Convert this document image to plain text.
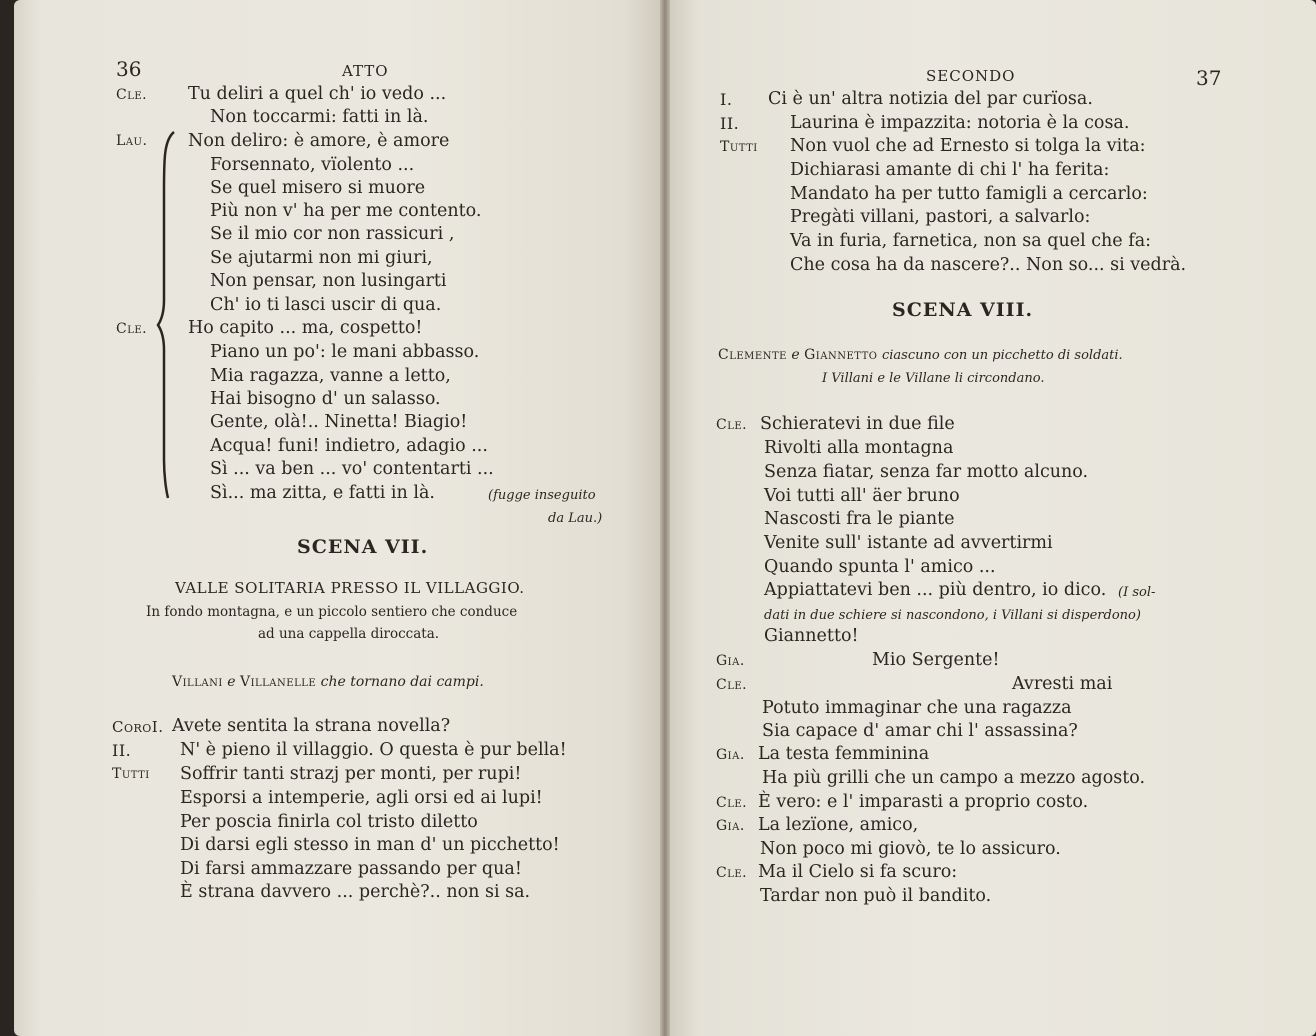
36	ATTO
Cle. Tu deliri a quel ch' io vedo ...
Non toccarmi: fatti in là.
Lau. Non deliro: è amore, è amore
Forsennato, vïolento ...
Se quel misero si muore
Più non v' ha per me contento.
Se il mio cor non rassicuri ,
Se ajutarmi non mi giuri,
Non pensar, non lusingarti
Ch' io ti lasci uscir di qua.
Cle. Ho capito ... ma, cospetto!
Piano un po': le mani abbasso.
Mia ragazza, vanne a letto,
Hai bisogno d' un salasso.
Gente, olà!.. Ninetta! Biagio!
Acqua! funi! indietro, adagio ...
Sì ... va ben ... vo' contentarti ...
Sì... ma zitta, e fatti in là.	(fugge inseguito
da Lau.)
SCENA VII.
VALLE SOLITARIA PRESSO IL VILLAGGIO.
In fondo montagna, e un piccolo sentiero che conduce
ad una cappella diroccata.
Villani e Villanelle che tornano dai campi.
CoroI. Avete sentita la strana novella?
II.	N' è pieno il villaggio. O questa è pur bella!
Tutti Soffrir tanti strazj per monti, per rupi!
Esporsi a intemperie, agli orsi ed ai lupi!
Per poscia finirla col tristo diletto
Di darsi egli stesso in man d' un picchetto!
Di farsi ammazzare passando per qua!
È strana davvero ... perchè?.. non si sa.
SECONDO	37
I. Ci è un' altra notizia del par curïosa.
II.	Laurina è impazzita: notoria è la cosa.
Tutti Non vuol che ad Ernesto si tolga la vita:
Dichiarasi amante di chi l' ha ferita:
Mandato ha per tutto famigli a cercarlo:
Pregàti villani, pastori, a salvarlo:
Va in furia, farnetica, non sa quel che fa:
Che cosa ha da nascere?.. Non so... si vedrà.
SCENA VIII.
Clemente e Giannetto ciascuno con un picchetto di soldati.
I Villani e le Villane li circondano.
Cle. Schieratevi in due file
Rivolti alla montagna
Senza fiatar, senza far motto alcuno.
Voi tutti all' äer bruno
Nascosti fra le piante
Venite sull' istante ad avvertirmi
Quando spunta l' amico ...
Appiattatevi ben ... più dentro, io dico. (I sol-
dati in due schiere si nascondono, i Villani si disperdono)
Giannetto!
Gia.	Mio Sergente!
Cle.	Avresti mai
Potuto immaginar che una ragazza
Sia capace d' amar chi l' assassina?
Gia. La testa femminina
Ha più grilli che un campo a mezzo agosto.
Cle. È vero: e l' imparasti a proprio costo.
Gia. La lezïone, amico,
Non poco mi giovò, te lo assicuro.
Cle. Ma il Cielo si fa scuro:
Tardar non può il bandito.
